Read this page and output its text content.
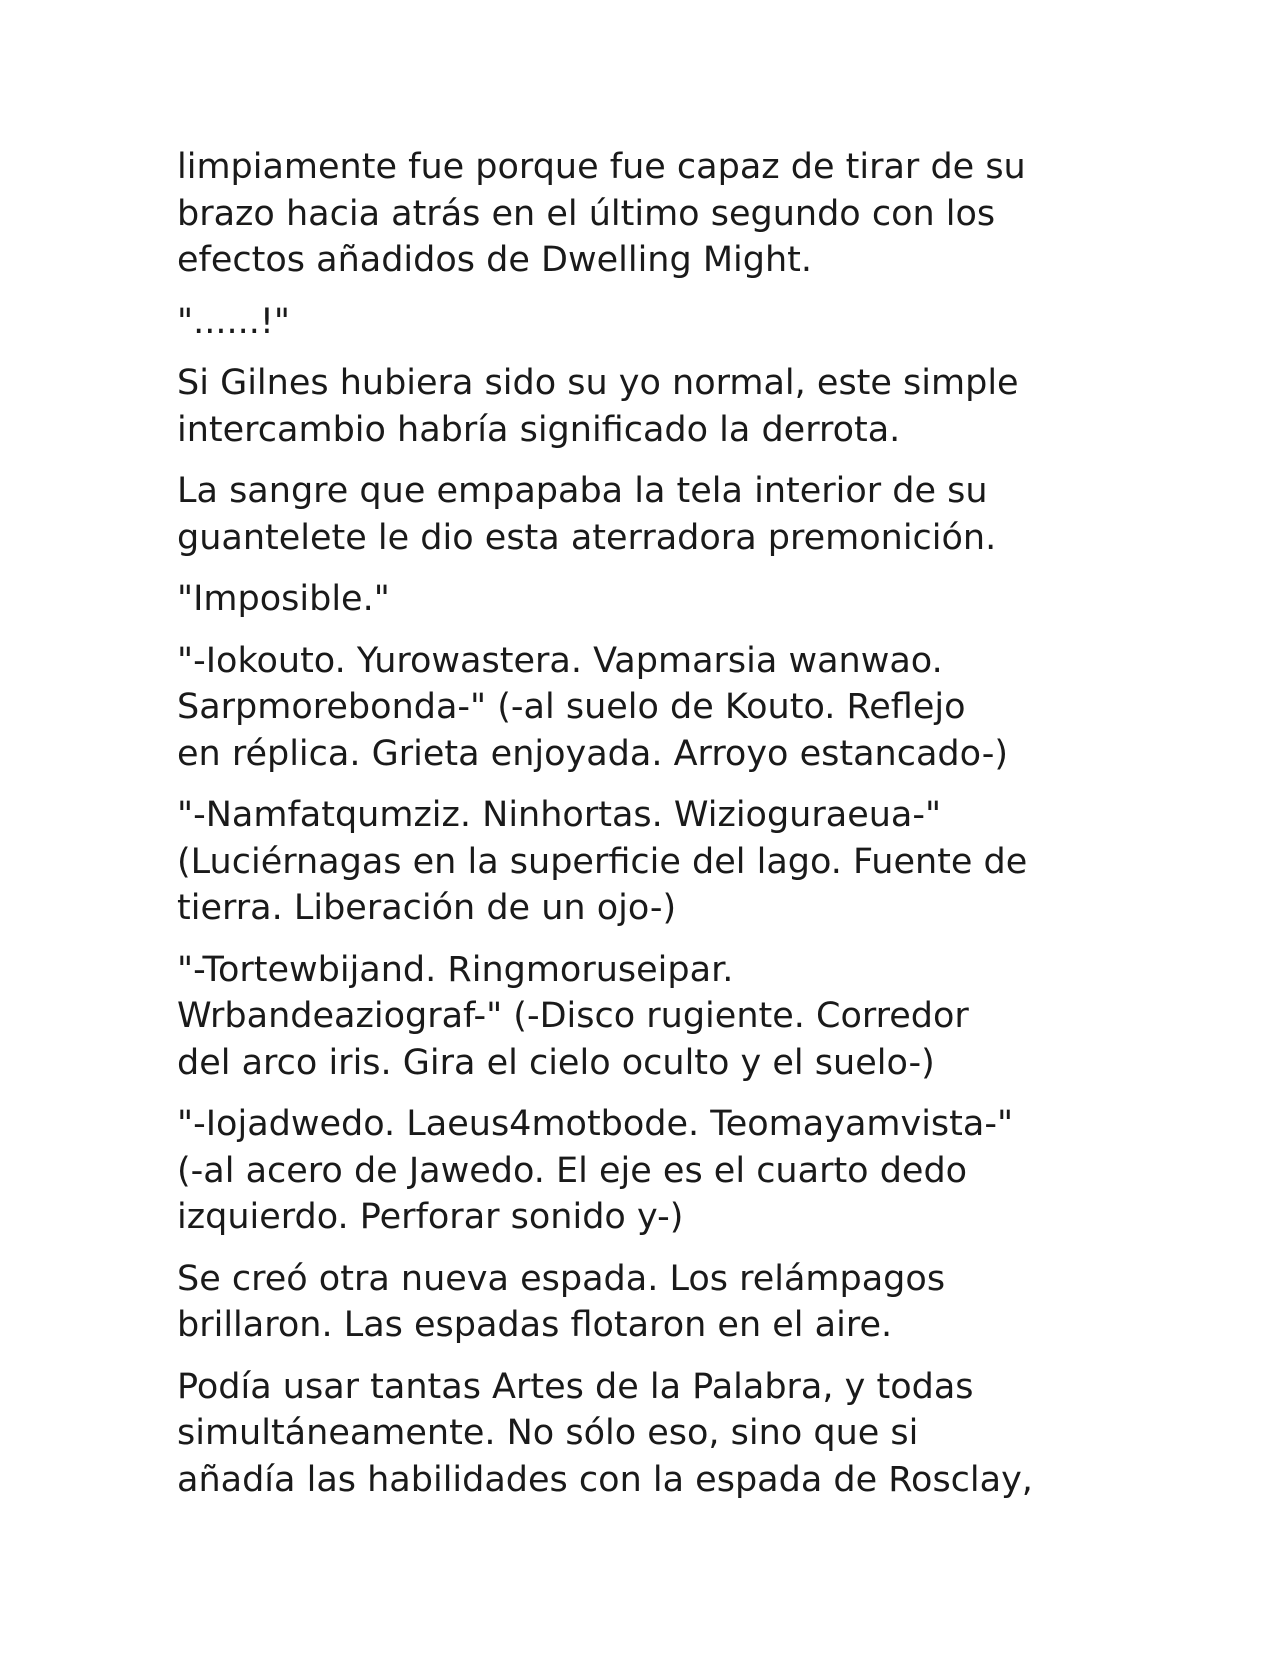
limpiamente fue porque fue capaz de tirar de su
brazo hacia atrás en el último segundo con los
efectos añadidos de Dwelling Might.

"......!"

Si Gilnes hubiera sido su yo normal, este simple
intercambio habría significado la derrota.

La sangre que empapaba la tela interior de su
guantelete le dio esta aterradora premonición.

"Imposible."

"-Iokouto. Yurowastera. Vapmarsia wanwao.
Sarpmorebonda-" (-al suelo de Kouto. Reflejo
en réplica. Grieta enjoyada. Arroyo estancado-)

"-Namfatqumziz. Ninhortas. Wizioguraeua-"
(Luciérnagas en la superficie del lago. Fuente de
tierra. Liberación de un ojo-)

"-Tortewbijand. Ringmoruseipar.
Wrbandeaziograf-" (-Disco rugiente. Corredor
del arco iris. Gira el cielo oculto y el suelo-)

"-Iojadwedo. Laeus4motbode. Teomayamvista-"
(-al acero de Jawedo. El eje es el cuarto dedo
izquierdo. Perforar sonido y-)

Se creó otra nueva espada. Los relámpagos
brillaron. Las espadas flotaron en el aire.

Podía usar tantas Artes de la Palabra, y todas
simultáneamente. No sólo eso, sino que si
añadía las habilidades con la espada de Rosclay,
